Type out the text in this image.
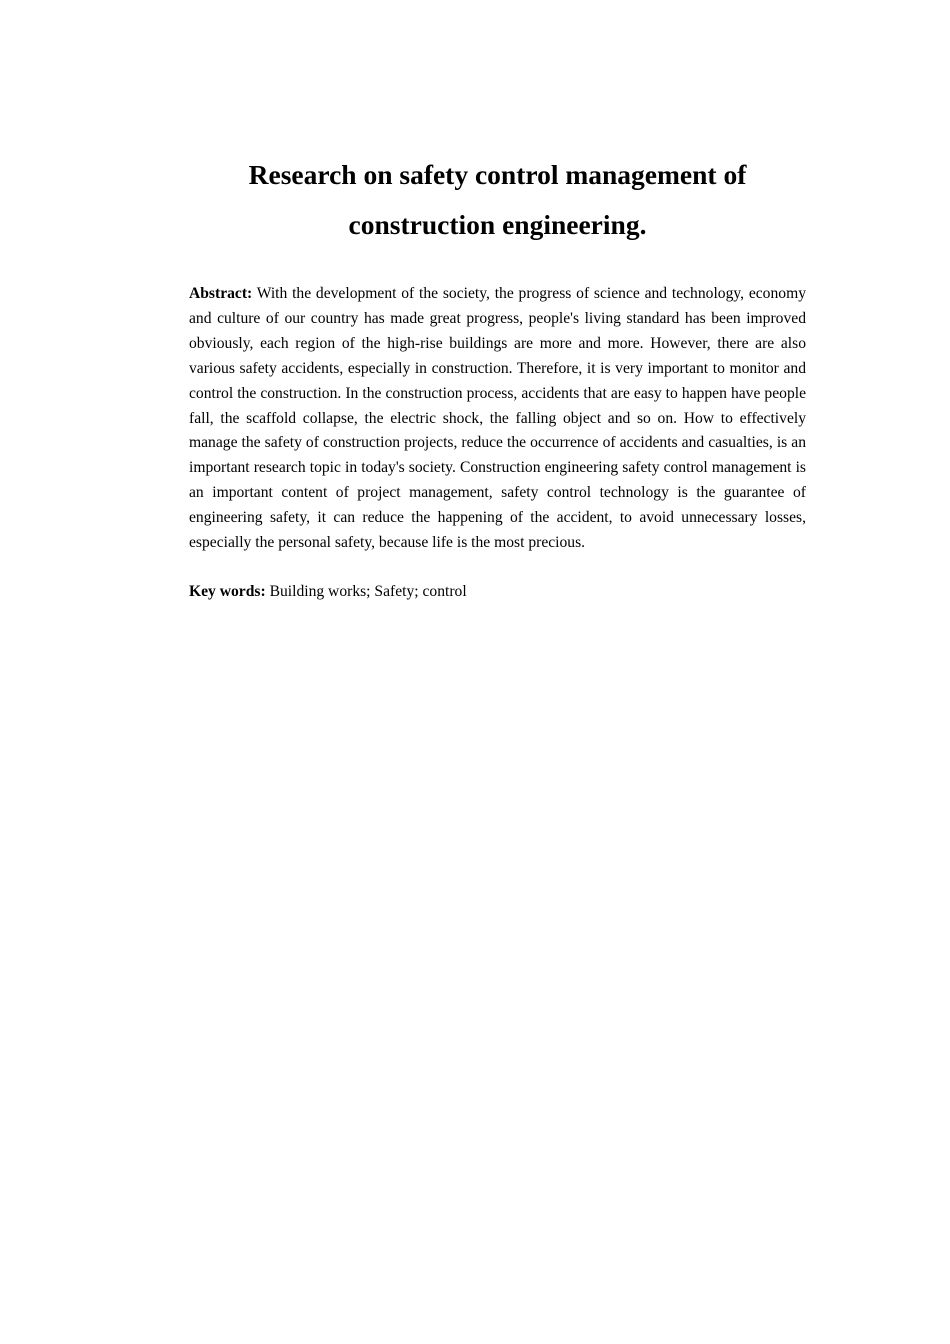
Research on safety control management of
construction engineering.

Abstract: With the development of the society, the progress of science and technology, economy and culture of our country has made great progress, people's living standard has been improved obviously, each region of the high-rise buildings are more and more. However, there are also various safety accidents, especially in construction. Therefore, it is very important to monitor and control the construction. In the construction process, accidents that are easy to happen have people fall, the scaffold collapse, the electric shock, the falling object and so on. How to effectively manage the safety of construction projects, reduce the occurrence of accidents and casualties, is an important research topic in today's society. Construction engineering safety control management is an important content of project management, safety control technology is the guarantee of engineering safety, it can reduce the happening of the accident, to avoid unnecessary losses, especially the personal safety, because life is the most precious.

Key words: Building works; Safety; control
